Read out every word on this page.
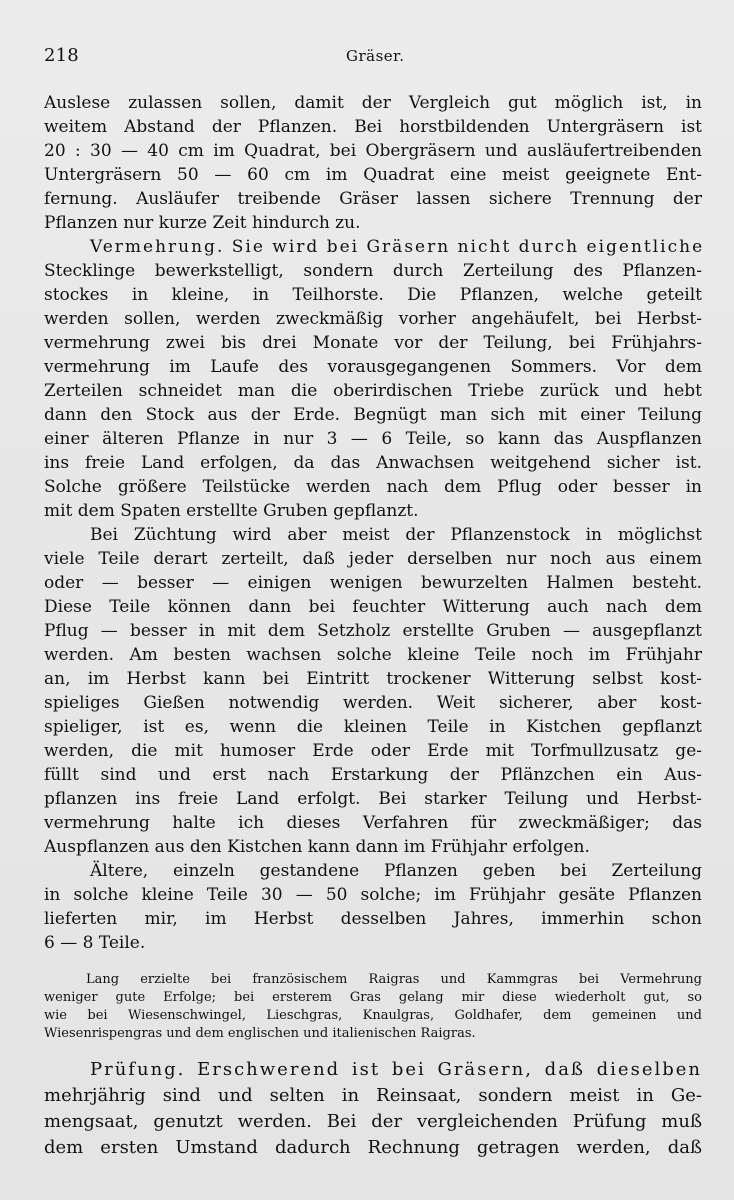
218	Gräser.
Auslese zulassen sollen, damit der Vergleich gut möglich ist, in
weitem Abstand der Pflanzen. Bei horstbildenden Untergräsern ist
20 : 30 — 40 cm im Quadrat, bei Obergräsern und ausläufertreibenden
Untergräsern 50 — 60 cm im Quadrat eine meist geeignete Ent-
fernung. Ausläufer treibende Gräser lassen sichere Trennung der
Pflanzen nur kurze Zeit hindurch zu.
Vermehrung. Sie wird bei Gräsern nicht durch eigentliche
Stecklinge bewerkstelligt, sondern durch Zerteilung des Pflanzen-
stockes in kleine, in Teilhorste. Die Pflanzen, welche geteilt
werden sollen, werden zweckmäßig vorher angehäufelt, bei Herbst-
vermehrung zwei bis drei Monate vor der Teilung, bei Frühjahrs-
vermehrung im Laufe des vorausgegangenen Sommers. Vor dem
Zerteilen schneidet man die oberirdischen Triebe zurück und hebt
dann den Stock aus der Erde. Begnügt man sich mit einer Teilung
einer älteren Pflanze in nur 3 — 6 Teile, so kann das Auspflanzen
ins freie Land erfolgen, da das Anwachsen weitgehend sicher ist.
Solche größere Teilstücke werden nach dem Pflug oder besser in
mit dem Spaten erstellte Gruben gepflanzt.
Bei Züchtung wird aber meist der Pflanzenstock in möglichst
viele Teile derart zerteilt, daß jeder derselben nur noch aus einem
oder — besser — einigen wenigen bewurzelten Halmen besteht.
Diese Teile können dann bei feuchter Witterung auch nach dem
Pflug — besser in mit dem Setzholz erstellte Gruben — ausgepflanzt
werden. Am besten wachsen solche kleine Teile noch im Frühjahr
an, im Herbst kann bei Eintritt trockener Witterung selbst kost-
spieliges Gießen notwendig werden. Weit sicherer, aber kost-
spieliger, ist es, wenn die kleinen Teile in Kistchen gepflanzt
werden, die mit humoser Erde oder Erde mit Torfmullzusatz ge-
füllt sind und erst nach Erstarkung der Pflänzchen ein Aus-
pflanzen ins freie Land erfolgt. Bei starker Teilung und Herbst-
vermehrung halte ich dieses Verfahren für zweckmäßiger; das
Auspflanzen aus den Kistchen kann dann im Frühjahr erfolgen.
Ältere, einzeln gestandene Pflanzen geben bei Zerteilung
in solche kleine Teile 30 — 50 solche; im Frühjahr gesäte Pflanzen
lieferten mir, im Herbst desselben Jahres, immerhin schon
6 — 8 Teile.
Lang erzielte bei französischem Raigras und Kammgras bei Vermehrung
weniger gute Erfolge; bei ersterem Gras gelang mir diese wiederholt gut, so
wie bei Wiesenschwingel, Lieschgras, Knaulgras, Goldhafer, dem gemeinen und
Wiesenrispengras und dem englischen und italienischen Raigras.
Prüfung. Erschwerend ist bei Gräsern, daß dieselben
mehrjährig sind und selten in Reinsaat, sondern meist in Ge-
mengsaat, genutzt werden. Bei der vergleichenden Prüfung muß
dem ersten Umstand dadurch Rechnung getragen werden, daß
